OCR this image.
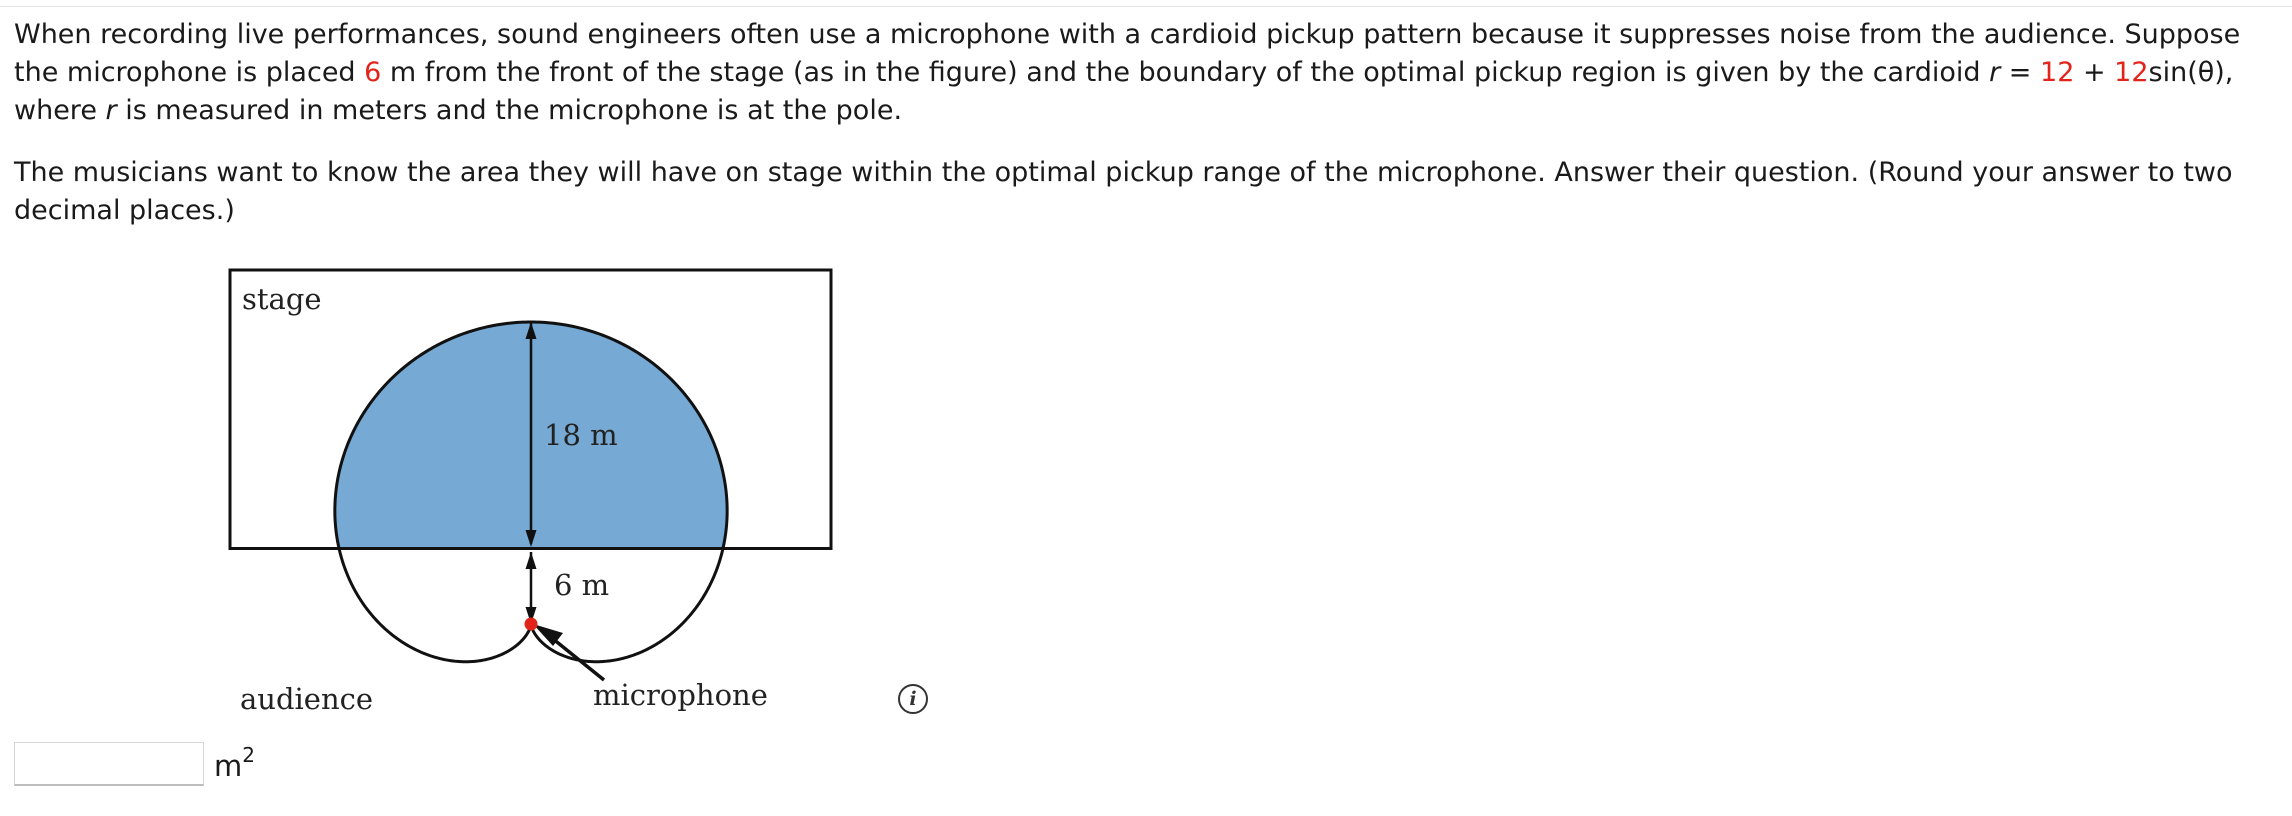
When recording live performances, sound engineers often use a microphone with a cardioid pickup pattern because it suppresses noise from the audience. Suppose the microphone is placed 6 m from the front of the stage (as in the figure) and the boundary of the optimal pickup region is given by the cardioid r = 12 + 12sin(θ), where r is measured in meters and the microphone is at the pole.

The musicians want to know the area they will have on stage within the optimal pickup range of the microphone. Answer their question. (Round your answer to two decimal places.)

stage
18 m
6 m
audience	microphone	i
$m^2$
